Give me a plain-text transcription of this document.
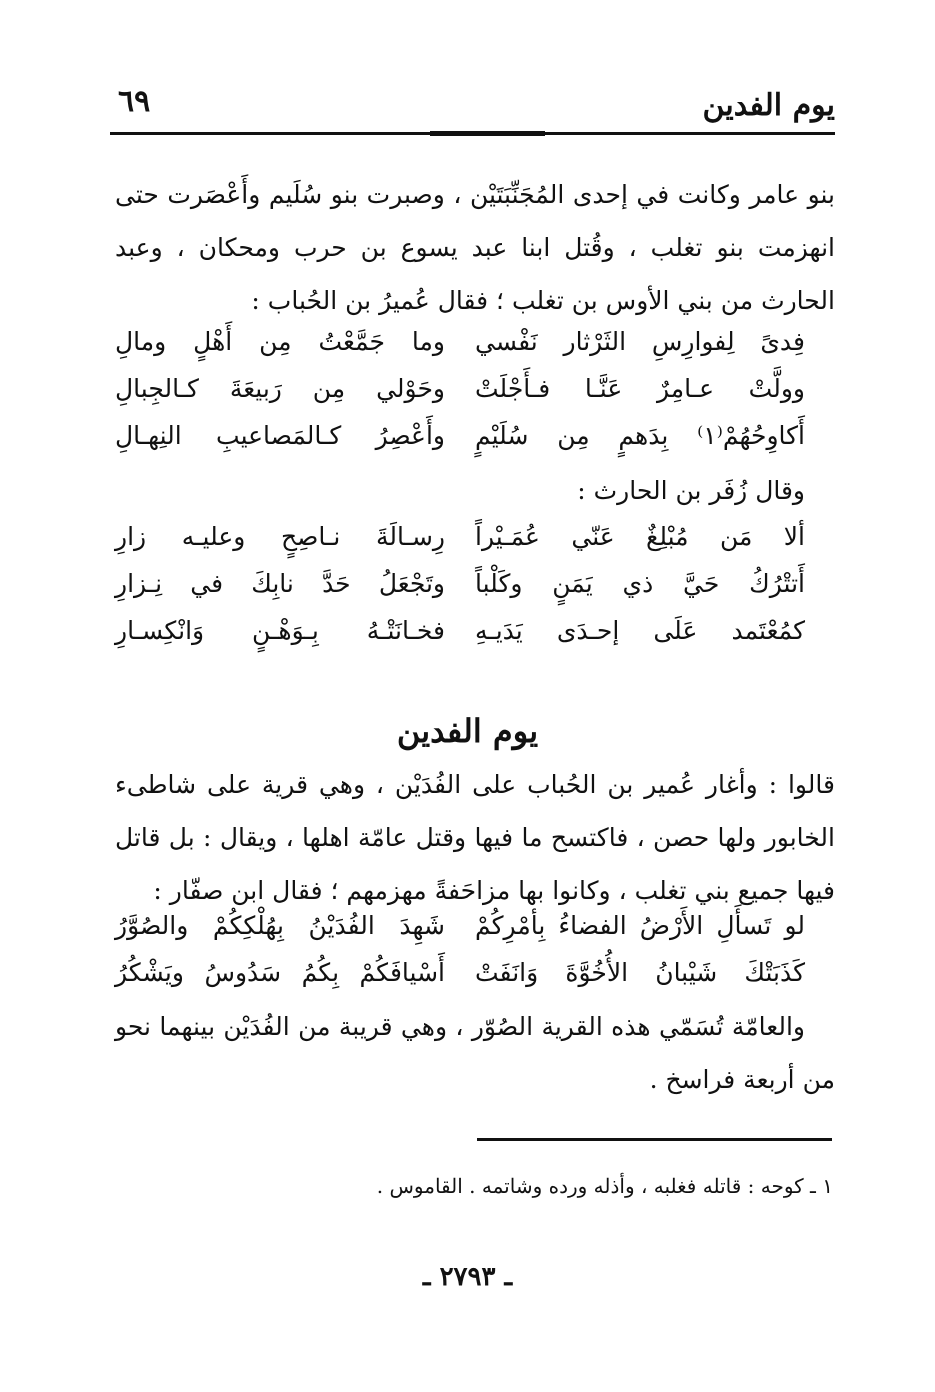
يوم الفدين
٦٩
بنو عامر وكانت في إحدى المُجَنِّبَتَيْن ، وصبرت بنو سُلَيم وأَعْصَرت حتى انهزمت بنو تغلب ، وقُتل ابنا عبد يسوع بن حرب ومحكان ، وعبد الحارث من بني الأوس بن تغلب ؛ فقال عُميرُ بن الحُباب :
فِدىً لِفوارِسِ الثَرْثار نَفْسي
وما جَمَّعْتُ مِن أَهْلٍ ومالِ
وولَّتْ عـامِرٌ عَنَّـا فـأَجْلَتْ
وحَوْلي مِن رَبيعَةَ كـالجِبالِ
أَكاوِحُهُمْ⁽١⁾ بِدَهمٍ مِن سُلَيْمٍ
وأَعْصِرُ كـالمَصاعيبِ النِهـالِ
وقال زُفَر بن الحارث :
ألا مَن مُبْلِغٌ عَنّي عُمَـيْراً
رِسـالَةَ نـاصِحٍ وعليـه زارِ
أَتتْرُكُ حَيَّ ذي يَمَنٍ وكَلْباً
وتَجْعَلُ حَدَّ نابِكَ في نِـزارِ
كمُعْتَمد عَلَى إحـدَى يَدَيـهِ
فخـانَتْـهُ بِـوَهْـنٍ وَانْكِسـارِ
يوم الفدين
قالوا : وأغار عُمير بن الحُباب على الفُدَيْن ، وهي قرية على شاطىء الخابور ولها حصن ، فاكتسح ما فيها وقتل عامّة اهلها ، ويقال : بل قاتل فيها جميع بني تغلب ، وكانوا بها مزاحَفةً مهزمهم ؛ فقال ابن صفّار :
لو تَسأَلِ الأَرْضُ الفضاءُ بِأمْرِكُمْ
شَهِدَ الفُدَيْنُ بِهُلْكِكُمْ والصُوَّرُ
كَذَبَتْكَ شَيْبانُ الأُخُوَّةَ وَانَفَتْ
أَسْيافَكُمْ بِكُمُ سَدُوسُ ويَشْكُرُ
والعامّة تُسَمّي هذه القرية الصُوّر ، وهي قريبة من الفُدَيْن بينهما نحو من أربعة فراسخ .
١ ـ كوحه : قاتله فغلبه ، وأذله ورده وشاتمه . القاموس .
ـ ٢٧٩٣ ـ
